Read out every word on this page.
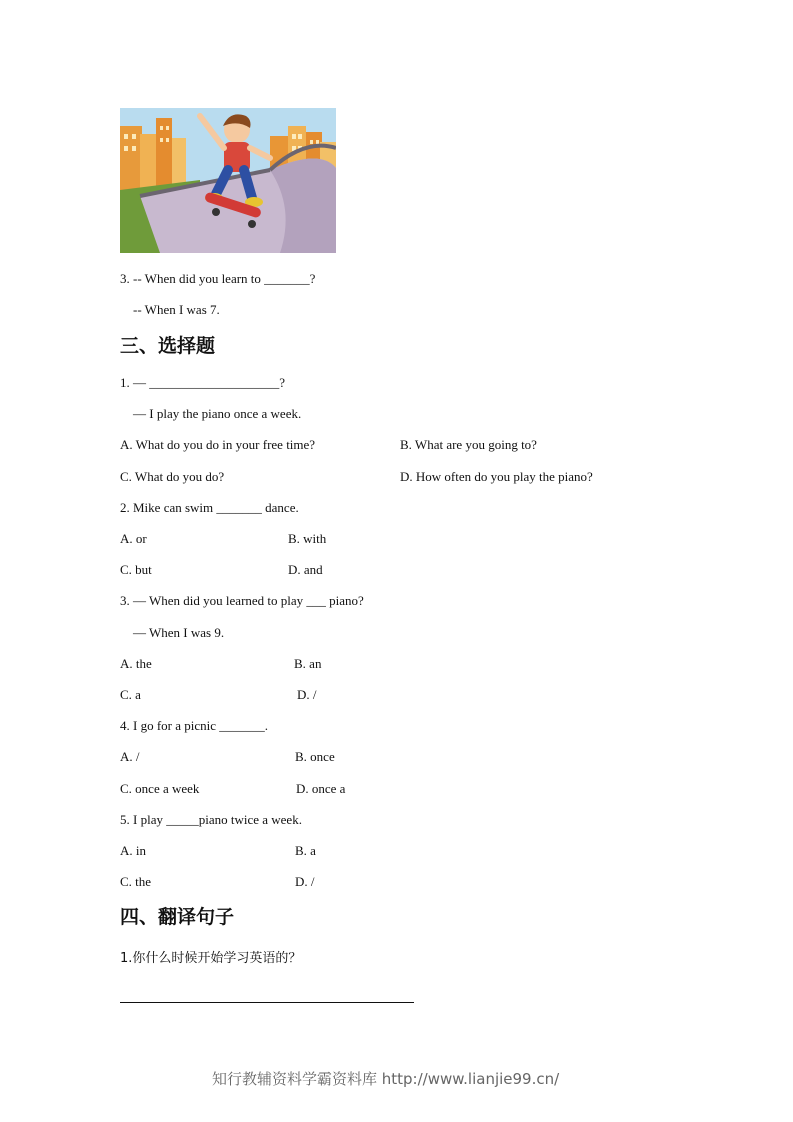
3. -- When did you learn to _______?
-- When I was 7.
三、选择题
1. — ____________________?
— I play the piano once a week.
A. What do you do in your free time?	B. What are you going to?
C. What do you do?	D. How often do you play the piano?
2. Mike can swim _______ dance.
A. or	B. with
C. but	D. and
3. — When did you learned to play ___ piano?
— When I was 9.
A. the	B. an
C. a	D. /
4. I go for a picnic _______.
A. /	B. once
C. once a week	D. once a
5. I play _____piano twice a week.
A. in	B. a
C. the	D. /
四、翻译句子
1.你什么时候开始学习英语的？
知行教辅资料学霸资料库 http://www.lianjie99.cn/
